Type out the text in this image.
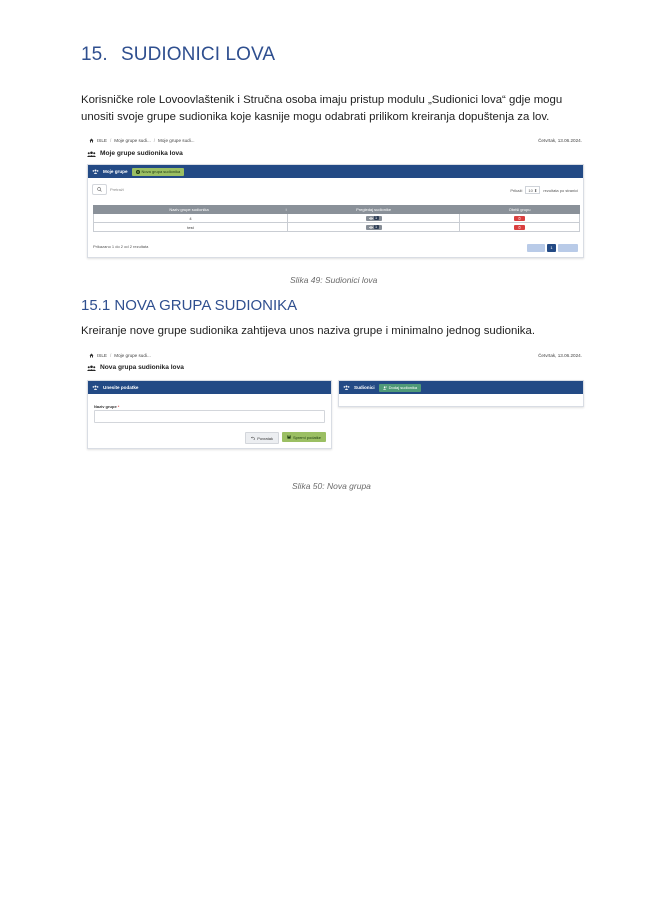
15. SUDIONICI LOVA
Korisničke role Lovoovlaštenik i Stručna osoba imaju pristup modulu „Sudionici lova“ gdje mogu unositi svoje grupe sudionika koje kasnije mogu odabrati prilikom kreiranja dopuštenja za lov.
ISLE / Moje grupe sudi... / Moje grupe sudi...	Četvrtak, 13.06.2024.
Moje grupe sudionika lova
Moje grupe	Nova grupa sudionika
Pretraži	Prikaži	10 ⬍	rezultata po stranici
Naziv grupe sudionika	↕	Pregledaj sudionike	Obriši grupu
4		1

test		1

Prikazano 1 do 2 od 2 rezultata	1
Slika 49: Sudionici lova
15.1 NOVA GRUPA SUDIONIKA
Kreiranje nove grupe sudionika zahtijeva unos naziva grupe i minimalno jednog sudionika.
ISLE / Moje grupe sudi...	Četvrtak, 13.06.2024.
Nova grupa sudionika lova
Unesite podatke
Naziv grupe *
Povratak	Spremi podatke
Sudionici	Dodaj sudionika
Slika 50: Nova grupa
